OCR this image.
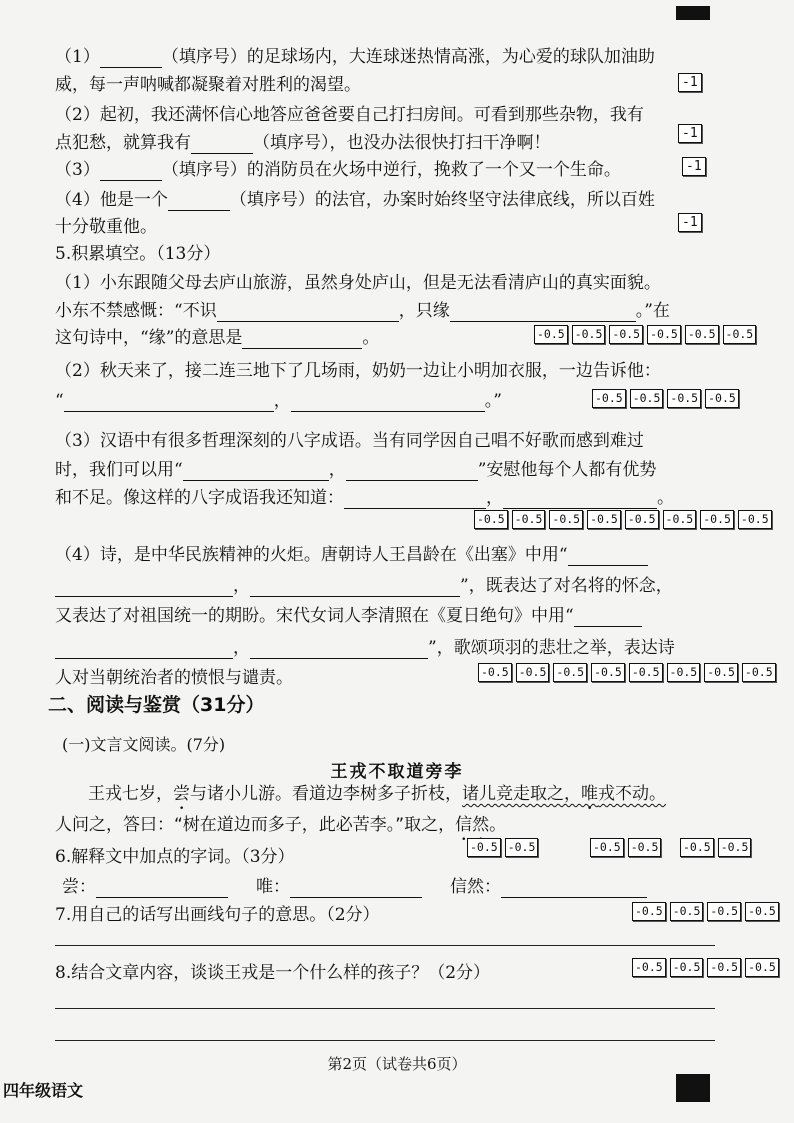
（1）	（填序号）的足球场内，大连球迷热情高涨，为心爱的球队加油助
威，每一声呐喊都凝聚着对胜利的渴望。	-1
（2）起初，我还满怀信心地答应爸爸要自己打扫房间。可看到那些杂物，我有
点犯愁，就算我有	（填序号），也没办法很快打扫干净啊！	-1
（3）	（填序号）的消防员在火场中逆行，挽救了一个又一个生命。	-1
（4）他是一个	（填序号）的法官，办案时始终坚守法律底线，所以百姓
十分敬重他。	-1
5.积累填空。（13分）
（1）小东跟随父母去庐山旅游，虽然身处庐山，但是无法看清庐山的真实面貌。
小东不禁感慨：“不识	，只缘	。”在
这句诗中，“缘”的意思是	。	-0.5 -0.5 -0.5 -0.5 -0.5 -0.5
（2）秋天来了，接二连三地下了几场雨，奶奶一边让小明加衣服，一边告诉他：
“	，	。”	-0.5 -0.5 -0.5 -0.5
（3）汉语中有很多哲理深刻的八字成语。当有同学因自己唱不好歌而感到难过
时，我们可以用“	，	”安慰他每个人都有优势
和不足。像这样的八字成语我还知道：	，	。
-0.5 -0.5 -0.5 -0.5 -0.5 -0.5 -0.5 -0.5
（4）诗，是中华民族精神的火炬。唐朝诗人王昌龄在《出塞》中用“
，	”，既表达了对名将的怀念，
又表达了对祖国统一的期盼。宋代女词人李清照在《夏日绝句》中用“
，	”，歌颂项羽的悲壮之举，表达诗
人对当朝统治者的愤恨与谴责。	-0.5 -0.5 -0.5 -0.5 -0.5 -0.5 -0.5 -0.5
二、阅读与鉴赏（31分）
(一)文言文阅读。(7分)
王戎不取道旁李
王戎七岁，尝与诸小儿游。看道边李树多子折枝，诸儿竞走取之，唯戎不动。
人问之，答曰：“树在道边而多子，此必苦李。”取之，信然。
6.解释文中加点的字词。（3分）	-0.5 -0.5	-0.5 -0.5 -0.5 -0.5
尝：	唯：	信然：
7.用自己的话写出画线句子的意思。（2分）	-0.5 -0.5 -0.5 -0.5
8.结合文章内容，谈谈王戎是一个什么样的孩子？（2分）	-0.5 -0.5 -0.5 -0.5
第2页（试卷共6页）
四年级语文
